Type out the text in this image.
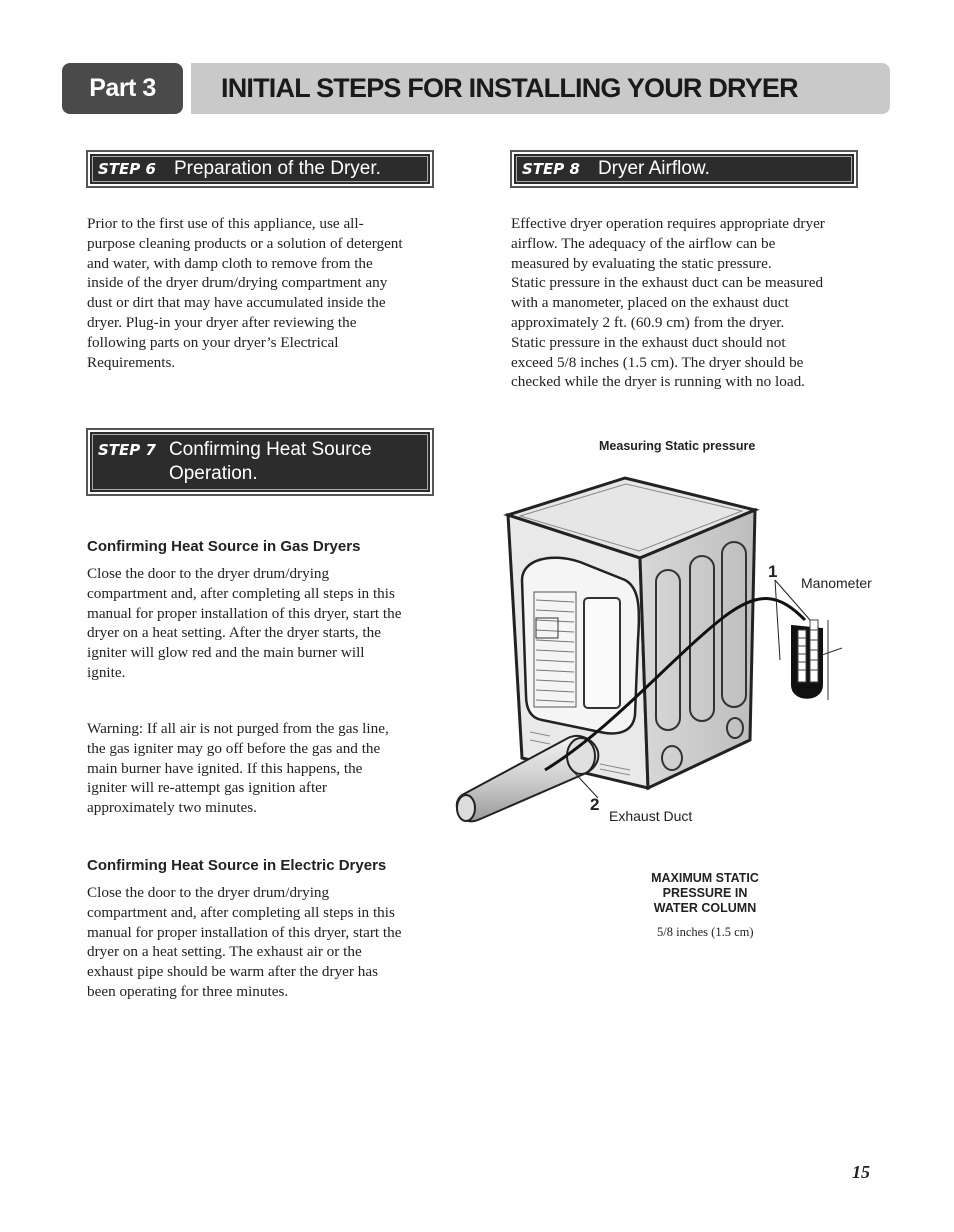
Part 3	INITIAL STEPS FOR INSTALLING YOUR DRYER
STEP 6 Preparation of the Dryer.
Prior to the first use of this appliance, use all-
purpose cleaning products or a solution of detergent
and water, with damp cloth to remove from the
inside of the dryer drum/drying compartment any
dust or dirt that may have accumulated inside the
dryer. Plug-in your dryer after reviewing the
following parts on your dryer’s Electrical
Requirements.
STEP 7 Confirming Heat Source
Operation.
Confirming Heat Source in Gas Dryers
Close the door to the dryer drum/drying
compartment and, after completing all steps in this
manual for proper installation of this dryer, start the
dryer on a heat setting. After the dryer starts, the
igniter will glow red and the main burner will
ignite.
Warning: If all air is not purged from the gas line,
the gas igniter may go off before the gas and the
main burner have ignited. If this happens, the
igniter will re-attempt gas ignition after
approximately two minutes.
Confirming Heat Source in Electric Dryers
Close the door to the dryer drum/drying
compartment and, after completing all steps in this
manual for proper installation of this dryer, start the
dryer on a heat setting. The exhaust air or the
exhaust pipe should be warm after the dryer has
been operating for three minutes.
STEP 8 Dryer Airflow.
Effective dryer operation requires appropriate dryer
airflow. The adequacy of the airflow can be
measured by evaluating the static pressure.
Static pressure in the exhaust duct can be measured
with a manometer, placed on the exhaust duct
approximately 2 ft. (60.9 cm) from the dryer.
Static pressure in the exhaust duct should not
exceed 5/8 inches (1.5 cm). The dryer should be
checked while the dryer is running with no load.
Measuring Static pressure
1
Manometer
2
Exhaust Duct
MAXIMUM STATIC
PRESSURE IN
WATER COLUMN
5/8 inches (1.5 cm)
15
